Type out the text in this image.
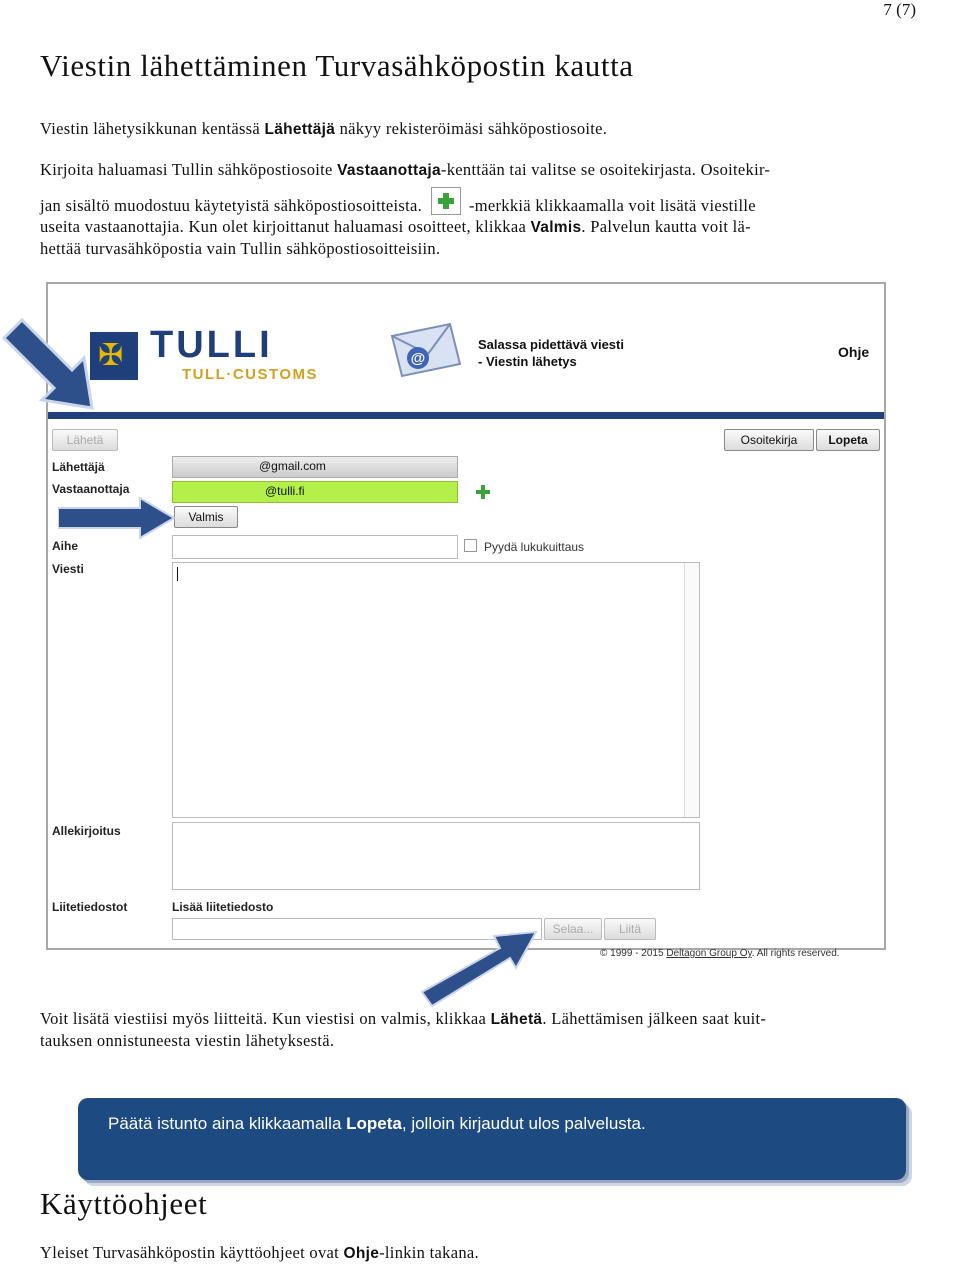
7 (7)
Viestin lähettäminen Turvasähköpostin kautta
Viestin lähetysikkunan kentässä Lähettäjä näkyy rekisteröimäsi sähköpostiosoite.
Kirjoita haluamasi Tullin sähköpostiosoite Vastaanottaja-kenttään tai valitse se osoitekirjasta. Osoitekir-
jan sisältö muodostuu käytetyistä sähköpostiosoitteista.	-merkkiä klikkaamalla voit lisätä viestille
useita vastaanottajia. Kun olet kirjoittanut haluamasi osoitteet, klikkaa Valmis. Palvelun kautta voit lä-
hettää turvasähköpostia vain Tullin sähköpostiosoitteisiin.
✠ TULLI
TULL·CUSTOMS
@
Salassa pidettävä viesti
- Viestin lähetys
Ohje
Lähetä	Osoitekirja	Lopeta
Lähettäjä	@gmail.com
Vastaanottaja	@tulli.fi
Valmis
Aihe	Pyydä lukukuittaus
Viesti
Allekirjoitus
Liitetiedostot	Lisää liitetiedosto
Selaa...	Liitä
© 1999 - 2015 Deltagon Group Oy. All rights reserved.
Voit lisätä viestiisi myös liitteitä. Kun viestisi on valmis, klikkaa Lähetä. Lähettämisen jälkeen saat kuit-
tauksen onnistuneesta viestin lähetyksestä.
Päätä istunto aina klikkaamalla Lopeta, jolloin kirjaudut ulos palvelusta.
Käyttöohjeet
Yleiset Turvasähköpostin käyttöohjeet ovat Ohje-linkin takana.
